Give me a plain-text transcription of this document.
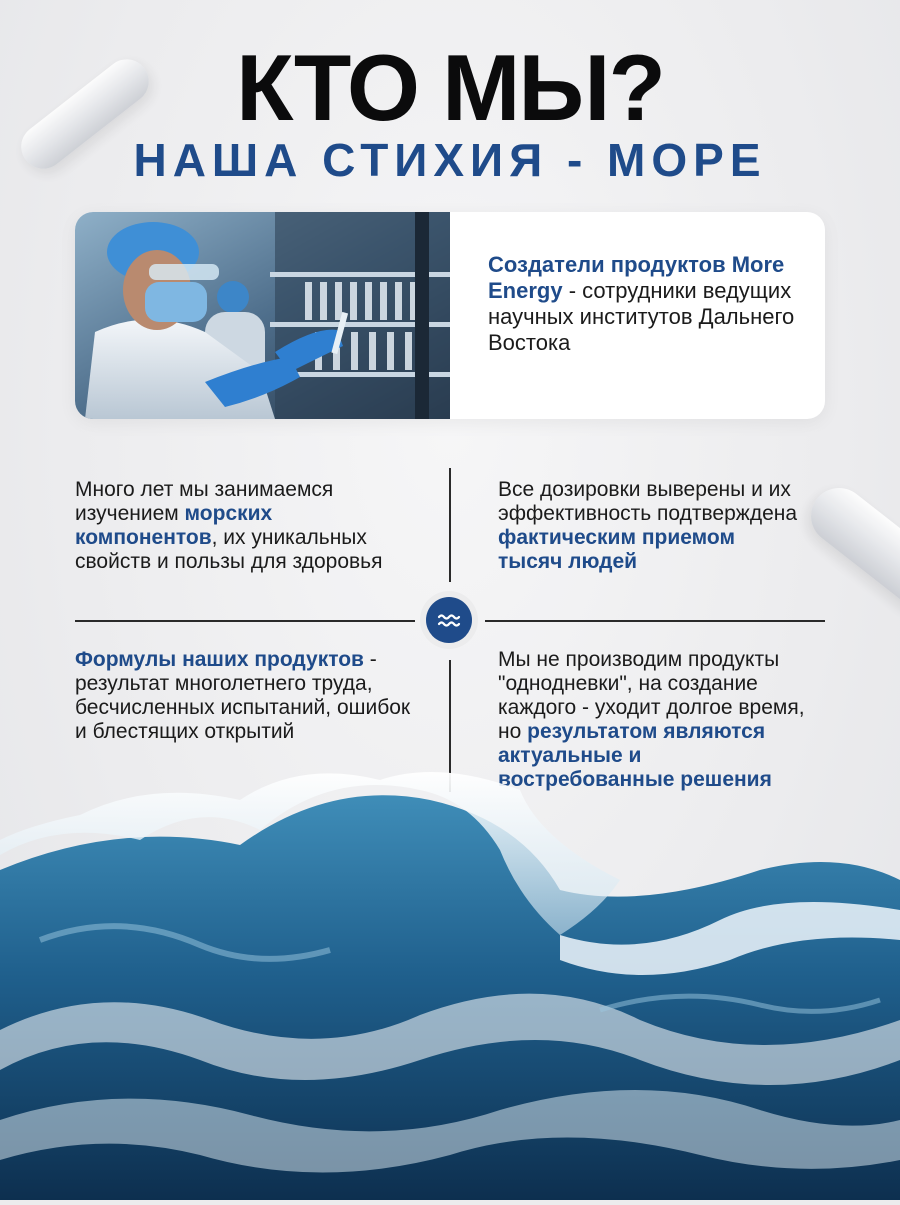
КТО МЫ?
НАША СТИХИЯ - МОРЕ
Создатели продуктов More Energy - сотрудники ведущих научных институтов Дальнего Востока
Много лет мы занимаемся изучением морских компонентов, их уникальных свойств и пользы для здоровья
Все дозировки выверены и их эффективность подтверждена фактическим приемом тысяч людей
Формулы наших продуктов - результат многолетнего труда, бесчисленных испытаний, ошибок и блестящих открытий
Мы не производим продукты "однодневки", на создание каждого - уходит долгое время, но результатом являются актуальные и востребованные решения
